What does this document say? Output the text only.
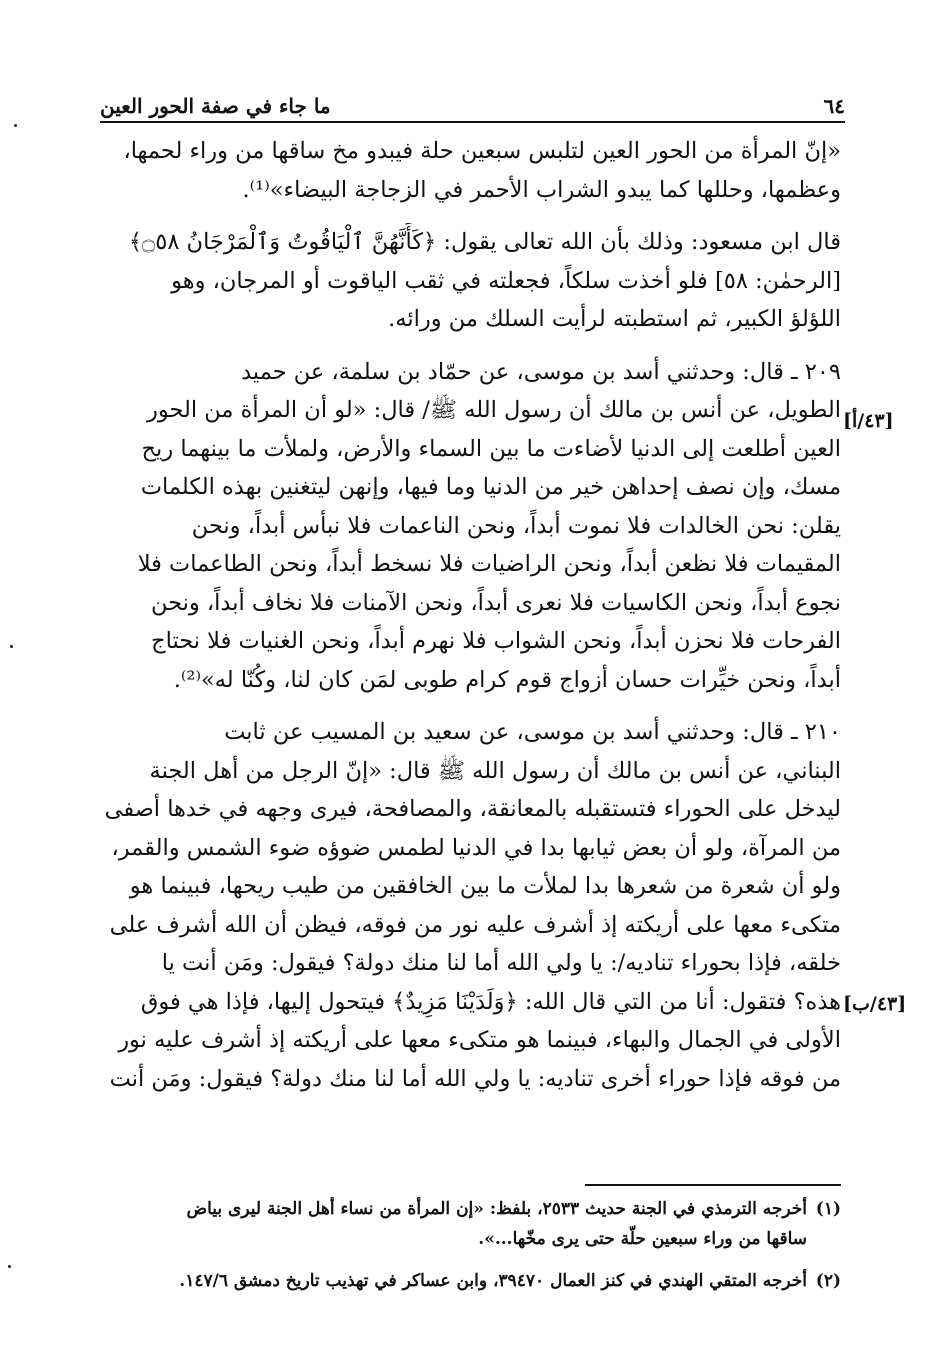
٦٤
ما جاء في صفة الحور العين
«إنّ المرأة من الحور العين لتلبس سبعين حلة فيبدو مخ ساقها من وراء لحمها،
وعظمها، وحللها كما يبدو الشراب الأحمر في الزجاجة البيضاء»⁽¹⁾.
قال ابن مسعود: وذلك بأن الله تعالى يقول: ﴿كَأَنَّهُنَّ ٱلْيَاقُوتُ وَٱلْمَرْجَانُ ۝٥٨﴾
[الرحمٰن: ٥٨] فلو أخذت سلكاً، فجعلته في ثقب الياقوت أو المرجان، وهو
اللؤلؤ الكبير، ثم استطبته لرأيت السلك من ورائه.
٢٠٩ ـ قال: وحدثني أسد بن موسى، عن حمّاد بن سلمة، عن حميد
الطويل، عن أنس بن مالك أن رسول الله ﷺ/ قال: «لو أن المرأة من الحور
العين أطلعت إلى الدنيا لأضاءت ما بين السماء والأرض، ولملأت ما بينهما ريح
مسك، وإن نصف إحداهن خير من الدنيا وما فيها، وإنهن ليتغنين بهذه الكلمات
يقلن: نحن الخالدات فلا نموت أبداً، ونحن الناعمات فلا نبأس أبداً، ونحن
المقيمات فلا نظعن أبداً، ونحن الراضيات فلا نسخط أبداً، ونحن الطاعمات فلا
نجوع أبداً، ونحن الكاسيات فلا نعرى أبداً، ونحن الآمنات فلا نخاف أبداً، ونحن
الفرحات فلا نحزن أبداً، ونحن الشواب فلا نهرم أبداً، ونحن الغنيات فلا نحتاج
أبداً، ونحن خيِّرات حسان أزواج قوم كرام طوبى لمَن كان لنا، وكُنّا له»⁽²⁾.
٢١٠ ـ قال: وحدثني أسد بن موسى، عن سعيد بن المسيب عن ثابت
البناني، عن أنس بن مالك أن رسول الله ﷺ قال: «إنّ الرجل من أهل الجنة
ليدخل على الحوراء فتستقبله بالمعانقة، والمصافحة، فيرى وجهه في خدها أصفى
من المرآة، ولو أن بعض ثيابها بدا في الدنيا لطمس ضوؤه ضوء الشمس والقمر،
ولو أن شعرة من شعرها بدا لملأت ما بين الخافقين من طيب ريحها، فبينما هو
متكىء معها على أريكته إذ أشرف عليه نور من فوقه، فيظن أن الله أشرف على
خلقه، فإذا بحوراء تناديه/: يا ولي الله أما لنا منك دولة؟ فيقول: ومَن أنت يا
هذه؟ فتقول: أنا من التي قال الله: ﴿وَلَدَيْنَا مَزِيدٌ﴾ فيتحول إليها، فإذا هي فوق
الأولى في الجمال والبهاء، فبينما هو متكىء معها على أريكته إذ أشرف عليه نور
من فوقه فإذا حوراء أخرى تناديه: يا ولي الله أما لنا منك دولة؟ فيقول: ومَن أنت
[٤٣/أ]
[٤٣/ب]
(١)أخرجه الترمذي في الجنة حديث ٢٥٣٣، بلفظ: «إن المرأة من نساء أهل الجنة ليرى بياض
ساقها من وراء سبعين حلّة حتى يرى مخّها...».
(٢)أخرجه المتقي الهندي في كنز العمال ٣٩٤٧٠، وابن عساكر في تهذيب تاريخ دمشق ١٤٧/٦.
